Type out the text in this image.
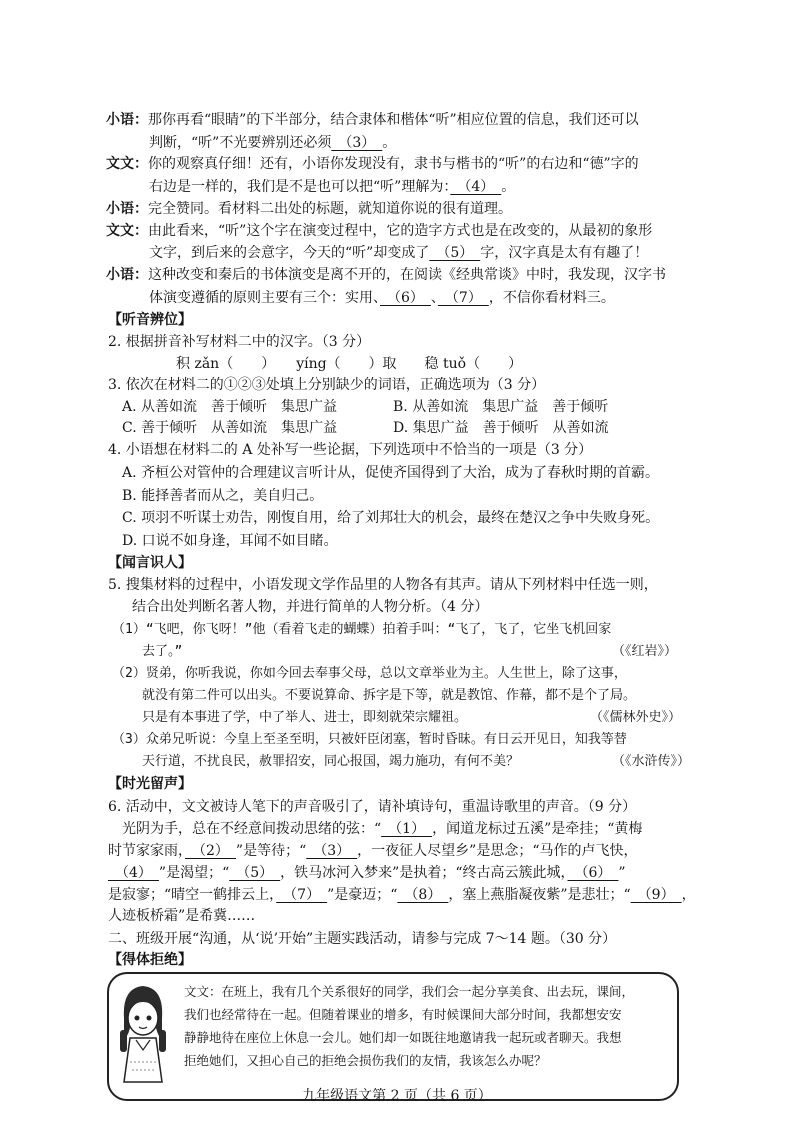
小语：那你再看“眼睛”的下半部分，结合隶体和楷体“听”相应位置的信息，我们还可以
判断，“听”不光要辨别还必须　（3）　。
文文：你的观察真仔细！还有，小语你发现没有，隶书与楷书的“听”的右边和“德”字的
右边是一样的，我们是不是也可以把“听”理解为：　（4）　。
小语：完全赞同。看材料二出处的标题，就知道你说的很有道理。
文文：由此看来，“听”这个字在演变过程中，它的造字方式也是在改变的，从最初的象形
文字，到后来的会意字，今天的“听”却变成了　（5）　字，汉字真是太有有趣了！
小语：这种改变和秦后的书体演变是离不开的，在阅读《经典常谈》中时，我发现，汉字书
体演变遵循的原则主要有三个：实用、　（6）　、　（7）　，不信你看材料三。
【听音辨位】
2. 根据拼音补写材料二中的汉字。（3 分）
积 zǎn（　　）　　yíng（　　）取　　稳 tuǒ（　　）
3. 依次在材料二的①②③处填上分别缺少的词语，正确选项为（3 分）
A. 从善如流　善于倾听　集思广益	B. 从善如流　集思广益　善于倾听
C. 善于倾听　从善如流　集思广益	D. 集思广益　善于倾听　从善如流
4. 小语想在材料二的 A 处补写一些论据，下列选项中不恰当的一项是（3 分）
A. 齐桓公对管仲的合理建议言听计从，促使齐国得到了大治，成为了春秋时期的首霸。
B. 能择善者而从之，美自归己。
C. 项羽不听谋士劝告，刚愎自用，给了刘邦壮大的机会，最终在楚汉之争中失败身死。
D. 口说不如身逢，耳闻不如目睹。
【闻言识人】
5. 搜集材料的过程中，小语发现文学作品里的人物各有其声。请从下列材料中任选一则，
结合出处判断名著人物，并进行简单的人物分析。（4 分）
（1）“飞吧，你飞呀！”他（看着飞走的蝴蝶）拍着手叫：“飞了，飞了，它坐飞机回家
去了。”	（《红岩》）
（2）贤弟，你听我说，你如今回去奉事父母，总以文章举业为主。人生世上，除了这事，
就没有第二件可以出头。不要说算命、拆字是下等，就是教馆、作幕，都不是个了局。
只是有本事进了学，中了举人、进士，即刻就荣宗耀祖。	（《儒林外史》）
（3）众弟兄听说：今皇上至圣至明，只被奸臣闭塞，暂时昏昧。有日云开见日，知我等替
天行道，不扰良民，赦罪招安，同心报国，竭力施功，有何不美？	（《水浒传》）
【时光留声】
6. 活动中，文文被诗人笔下的声音吸引了，请补填诗句，重温诗歌里的声音。（9 分）
光阴为手，总在不经意间拨动思绪的弦：“　（1）　，闻道龙标过五溪”是牵挂；“黄梅
时节家家雨，　（2）　”是等待；“　（3）　，一夜征人尽望乡”是思念；“马作的卢飞快，
　（4）　”是渴望；“　（5）　，铁马冰河入梦来”是执着；“终古高云簇此城，　（6）　”
是寂寥；“晴空一鹤排云上，　（7）　”是豪迈；“　（8）　，塞上燕脂凝夜紫”是悲壮；“　（9）　，
人迹板桥霜”是希冀……
二、班级开展“沟通，从‘说’开始”主题实践活动，请参与完成 7～14 题。（30 分）
【得体拒绝】
文文：在班上，我有几个关系很好的同学，我们会一起分享美食、出去玩，课间，
我们也经常待在一起。但随着课业的增多，有时候课间大部分时间，我都想安安
静静地待在座位上休息一会儿。她们却一如既往地邀请我一起玩或者聊天。我想
拒绝她们，又担心自己的拒绝会损伤我们的友情，我该怎么办呢？
九年级语文第 2 页（共 6 页）
